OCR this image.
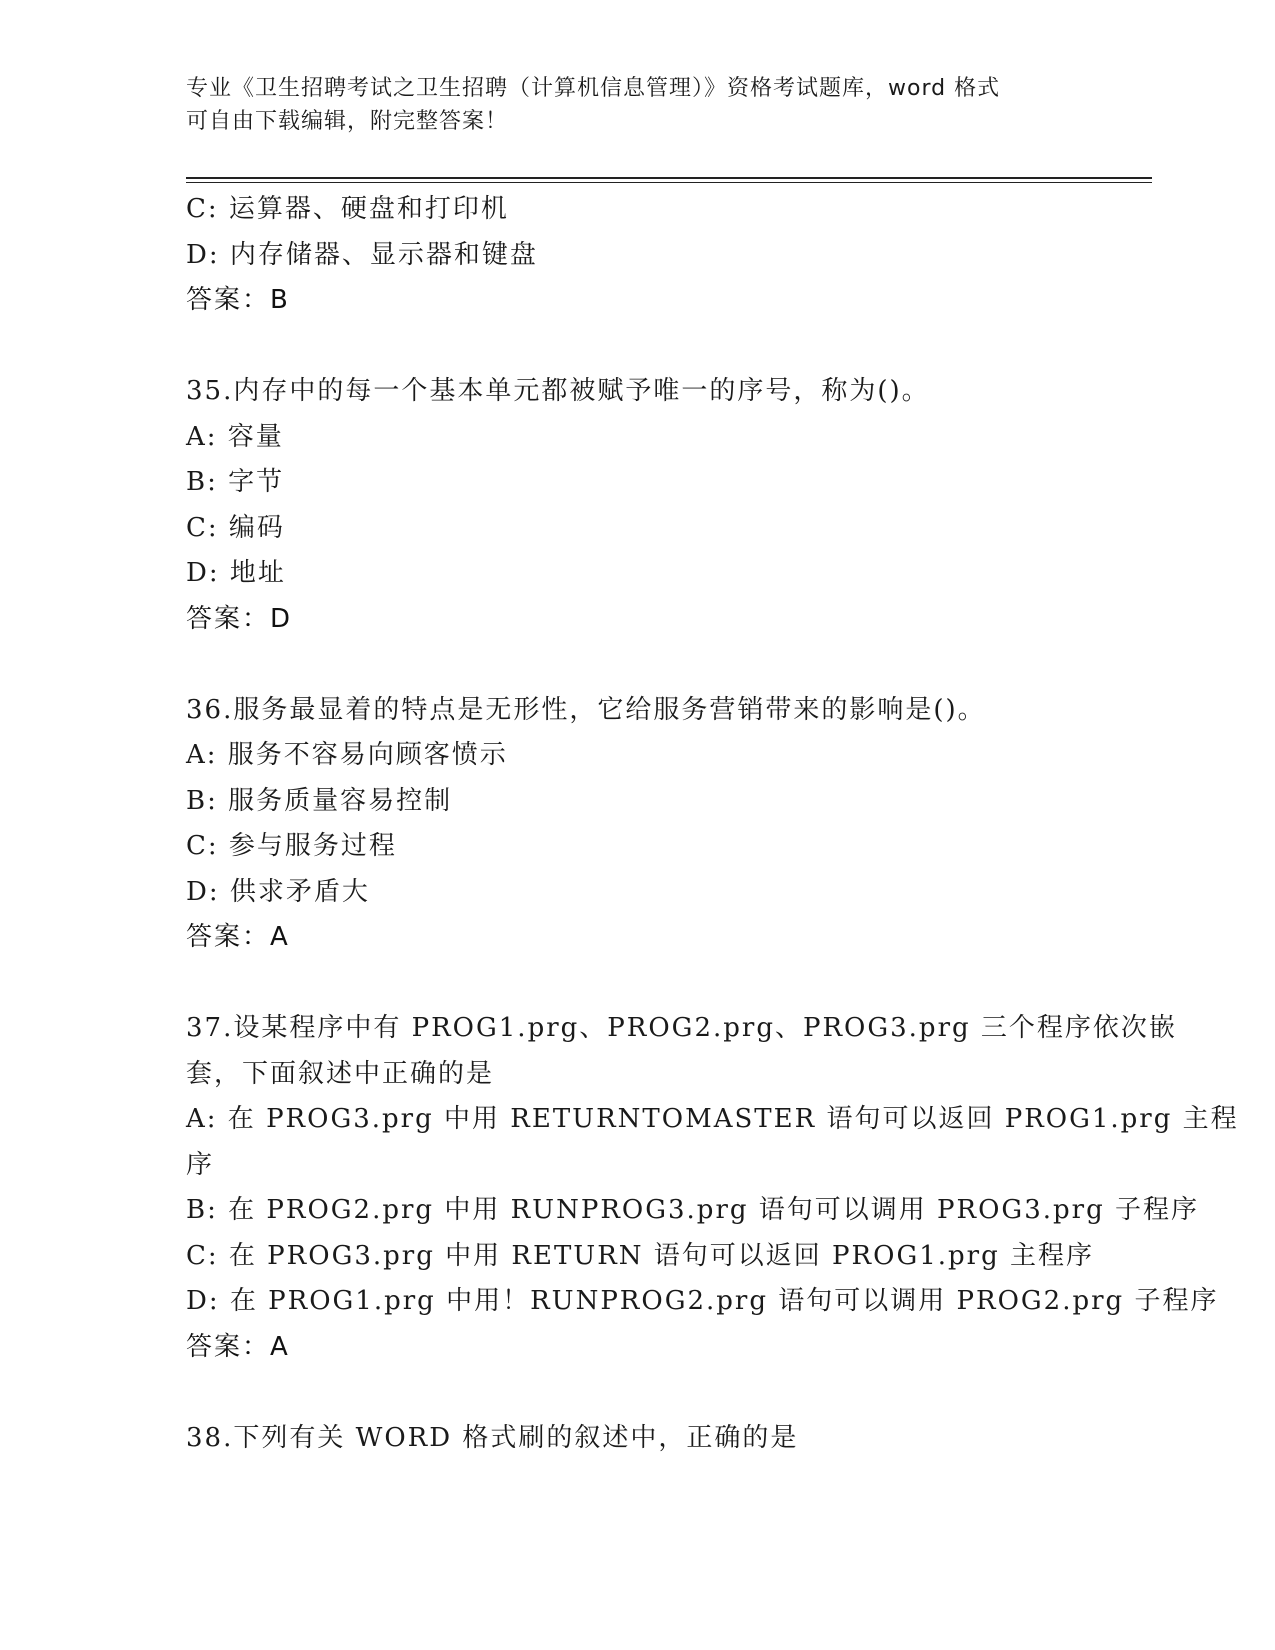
专业《卫生招聘考试之卫生招聘（计算机信息管理）》资格考试题库，word 格式
可自由下载编辑，附完整答案！
C: 运算器、硬盘和打印机
D: 内存储器、显示器和键盘
答案：B
35.内存中的每一个基本单元都被赋予唯一的序号，称为()。
A: 容量
B: 字节
C: 编码
D: 地址
答案：D
36.服务最显着的特点是无形性，它给服务营销带来的影响是()。
A: 服务不容易向顾客愤示
B: 服务质量容易控制
C: 参与服务过程
D: 供求矛盾大
答案：A
37.设某程序中有 PROG1.prg、PROG2.prg、PROG3.prg 三个程序依次嵌
套，下面叙述中正确的是
A: 在 PROG3.prg 中用 RETURNTOMASTER 语句可以返回 PROG1.prg 主程
序
B: 在 PROG2.prg 中用 RUNPROG3.prg 语句可以调用 PROG3.prg 子程序
C: 在 PROG3.prg 中用 RETURN 语句可以返回 PROG1.prg 主程序
D: 在 PROG1.prg 中用！RUNPROG2.prg 语句可以调用 PROG2.prg 子程序
答案：A
38.下列有关 WORD 格式刷的叙述中，正确的是
